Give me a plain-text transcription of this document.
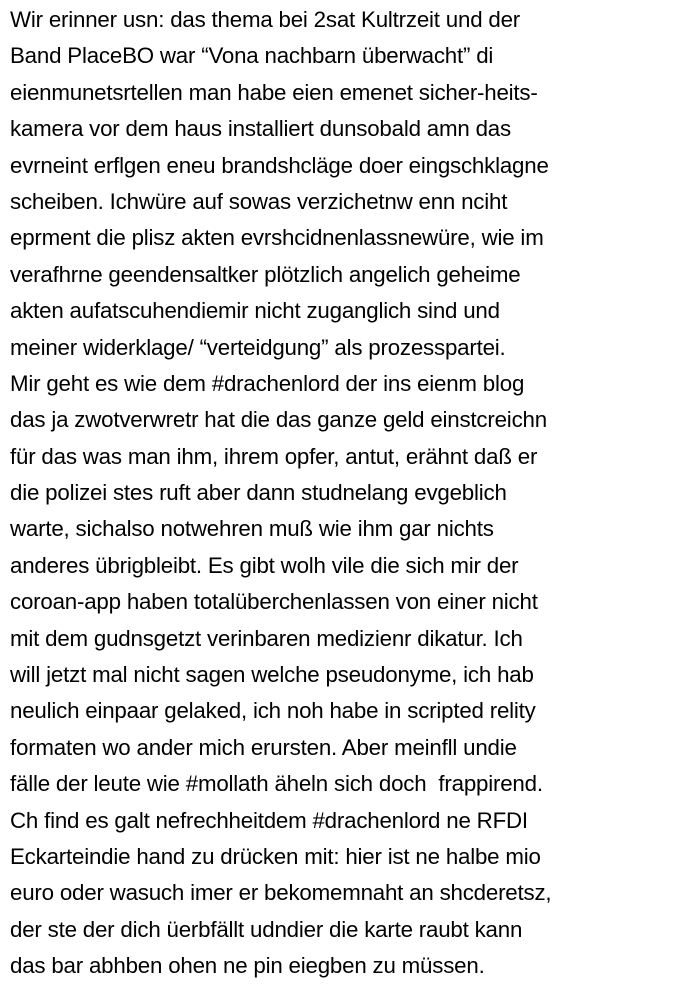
Wir erinner usn: das thema bei 2sat Kultrzeit und der
Band PlaceBO war “Vona nachbarn überwacht” di
eienmunetsrtellen man habe eien emenet sicher-heits-
kamera vor dem haus installiert dunsobald amn das
evrneint erflgen eneu brandshcläge doer eingschklagne
scheiben. Ichwüre auf sowas verzichetnw enn nciht
eprment die plisz akten evrshcidnenlassnewüre, wie im
verafhrne geendensaltker plötzlich angelich geheime
akten aufatscuhendiemir nicht zuganglich sind und
meiner widerklage/ “verteidgung” als prozesspartei.
Mir geht es wie dem #drachenlord der ins eienm blog
das ja zwotverwretr hat die das ganze geld einstcreichn
für das was man ihm, ihrem opfer, antut, erähnt daß er
die polizei stes ruft aber dann studnelang evgeblich
warte, sichalso notwehren muß wie ihm gar nichts
anderes übrigbleibt. Es gibt wolh vile die sich mir der
coroan-app haben totalüberchenlassen von einer nicht
mit dem gudnsgetzt verinbaren medizienr dikatur. Ich
will jetzt mal nicht sagen welche pseudonyme, ich hab
neulich einpaar gelaked, ich noh habe in scripted relity
formaten wo ander mich erursten. Aber meinfll undie
fälle der leute wie #mollath äheln sich doch  frappirend.
Ch find es galt nefrechheitdem #drachenlord ne RFDI
Eckarteindie hand zu drücken mit: hier ist ne halbe mio
euro oder wasuch imer er bekomemnaht an shcderetsz,
der ste der dich üerbfällt udndier die karte raubt kann
das bar abhben ohen ne pin eiegben zu müssen.
